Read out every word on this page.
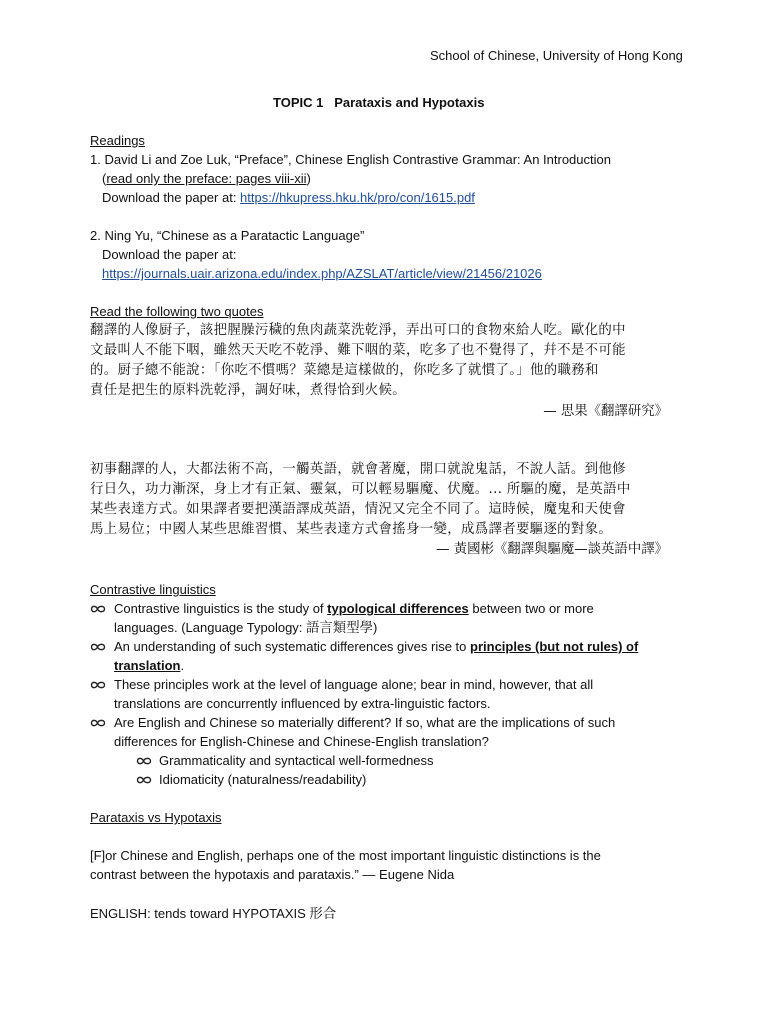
School of Chinese, University of Hong Kong
TOPIC 1 Parataxis and Hypotaxis
Readings
1. David Li and Zoe Luk, “Preface”, Chinese English Contrastive Grammar: An Introduction
(read only the preface: pages viii-xii)
Download the paper at: https://hkupress.hku.hk/pro/con/1615.pdf
2. Ning Yu, “Chinese as a Paratactic Language”
Download the paper at:
https://journals.uair.arizona.edu/index.php/AZSLAT/article/view/21456/21026
Read the following two quotes
翻譯的人像厨子，該把腥臊污穢的魚肉蔬菜洗乾淨，弄出可口的食物來給人吃。歐化的中
文最叫人不能下咽，雖然天天吃不乾淨、難下咽的菜，吃多了也不覺得了，幷不是不可能
的。厨子總不能說：「你吃不慣嗎？菜總是這樣做的，你吃多了就慣了。」他的職務和
責任是把生的原料洗乾淨，調好味，煮得恰到火候。
— 思果《翻譯研究》
初事翻譯的人，大都法術不高，一觸英語，就會著魔，開口就說鬼話，不說人話。到他修
行日久，功力漸深，身上才有正氣、靈氣，可以輕易驅魔、伏魔。... 所驅的魔，是英語中
某些表達方式。如果譯者要把漢語譯成英語，情況又完全不同了。這時候，魔鬼和天使會
馬上易位；中國人某些思維習慣、某些表達方式會搖身一變，成爲譯者要驅逐的對象。
— 黃國彬《翻譯與驅魔—談英語中譯》
Contrastive linguistics
Contrastive linguistics is the study of typological differences between two or more
languages. (Language Typology: 語言類型學)
An understanding of such systematic differences gives rise to principles (but not rules) of
translation.
These principles work at the level of language alone; bear in mind, however, that all
translations are concurrently influenced by extra-linguistic factors.
Are English and Chinese so materially different? If so, what are the implications of such
differences for English-Chinese and Chinese-English translation?
Grammaticality and syntactical well-formedness
Idiomaticity (naturalness/readability)
Parataxis vs Hypotaxis
[F]or Chinese and English, perhaps one of the most important linguistic distinctions is the
contrast between the hypotaxis and parataxis.” — Eugene Nida
ENGLISH: tends toward HYPOTAXIS 形合
